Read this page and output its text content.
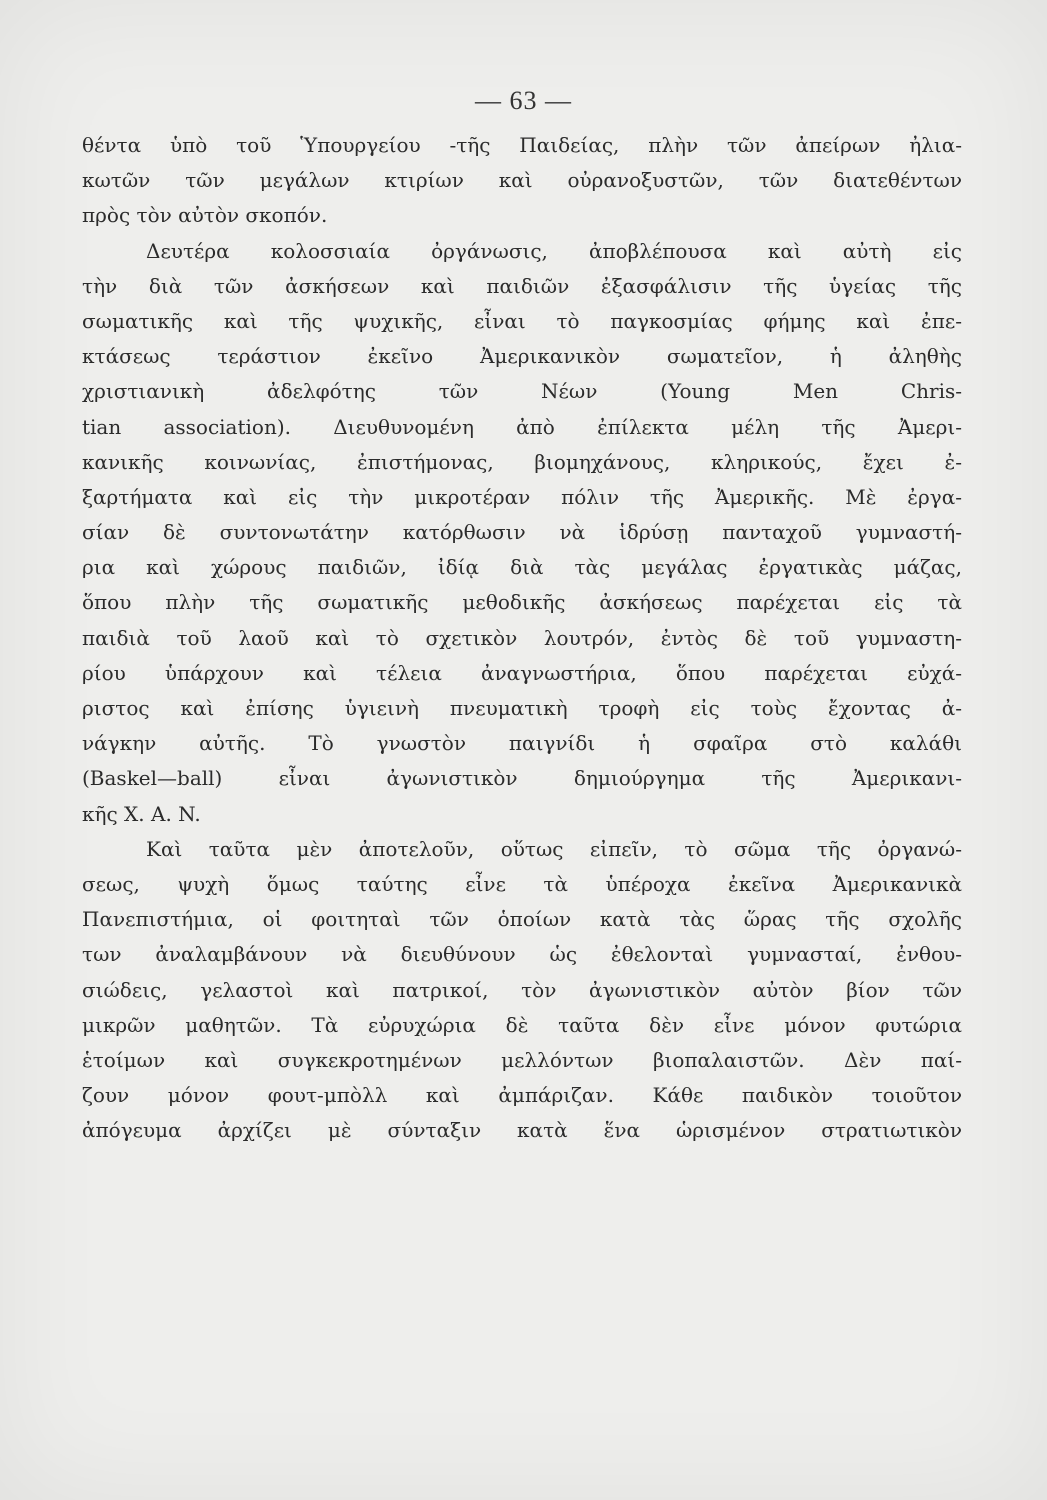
— 63 —
θέντα ὑπὸ τοῦ Ὑπουργείου -τῆς Παιδείας, πλὴν τῶν ἀπείρων ἠλια-
κωτῶν τῶν μεγάλων κτιρίων καὶ οὐρανοξυστῶν, τῶν διατεθέντων
πρὸς τὸν αὐτὸν σκοπόν.
Δευτέρα κολοσσιαία ὀργάνωσις, ἀποβλέπουσα καὶ αὐτὴ εἰς
τὴν διὰ τῶν ἀσκήσεων καὶ παιδιῶν ἐξασφάλισιν τῆς ὑγείας τῆς
σωματικῆς καὶ τῆς ψυχικῆς, εἶναι τὸ παγκοσμίας φήμης καὶ ἐπε-
κτάσεως τεράστιον ἐκεῖνο Ἀμερικανικὸν σωματεῖον, ἡ ἀληθὴς
χριστιανικὴ ἀδελφότης τῶν Νέων (Young Men Chris-
tian association). Διευθυνομένη ἀπὸ ἐπίλεκτα μέλη τῆς Ἀμερι-
κανικῆς κοινωνίας, ἐπιστήμονας, βιομηχάνους, κληρικούς, ἔχει ἐ-
ξαρτήματα καὶ εἰς τὴν μικροτέραν πόλιν τῆς Ἀμερικῆς. Μὲ ἐργα-
σίαν δὲ συντονωτάτην κατόρθωσιν νὰ ἱδρύσῃ πανταχοῦ γυμναστή-
ρια καὶ χώρους παιδιῶν, ἰδίᾳ διὰ τὰς μεγάλας ἐργατικὰς μάζας,
ὅπου πλὴν τῆς σωματικῆς μεθοδικῆς ἀσκήσεως παρέχεται εἰς τὰ
παιδιὰ τοῦ λαοῦ καὶ τὸ σχετικὸν λουτρόν, ἐντὸς δὲ τοῦ γυμναστη-
ρίου ὑπάρχουν καὶ τέλεια ἀναγνωστήρια, ὅπου παρέχεται εὐχά-
ριστος καὶ ἐπίσης ὑγιεινὴ πνευματικὴ τροφὴ εἰς τοὺς ἔχοντας ἀ-
νάγκην αὐτῆς. Τὸ γνωστὸν παιγνίδι ἡ σφαῖρα στὸ καλάθι
(Baskel—ball) εἶναι ἀγωνιστικὸν δημιούργημα τῆς Ἀμερικανι-
κῆς X. A. N.
Καὶ ταῦτα μὲν ἀποτελοῦν, οὕτως εἰπεῖν, τὸ σῶμα τῆς ὀργανώ-
σεως, ψυχὴ ὅμως ταύτης εἶνε τὰ ὑπέροχα ἐκεῖνα Ἀμερικανικὰ
Πανεπιστήμια, οἱ φοιτηταὶ τῶν ὁποίων κατὰ τὰς ὥρας τῆς σχολῆς
των ἀναλαμβάνουν νὰ διευθύνουν ὡς ἐθελονταὶ γυμνασταί, ἐνθου-
σιώδεις, γελαστοὶ καὶ πατρικοί, τὸν ἀγωνιστικὸν αὐτὸν βίον τῶν
μικρῶν μαθητῶν. Τὰ εὐρυχώρια δὲ ταῦτα δὲν εἶνε μόνον φυτώρια
ἑτοίμων καὶ συγκεκροτημένων μελλόντων βιοπαλαιστῶν. Δὲν παί-
ζουν μόνον φουτ-μπὸλλ καὶ ἀμπάριζαν. Κάθε παιδικὸν τοιοῦτον
ἀπόγευμα ἀρχίζει μὲ σύνταξιν κατὰ ἕνα ὡρισμένον στρατιωτικὸν
